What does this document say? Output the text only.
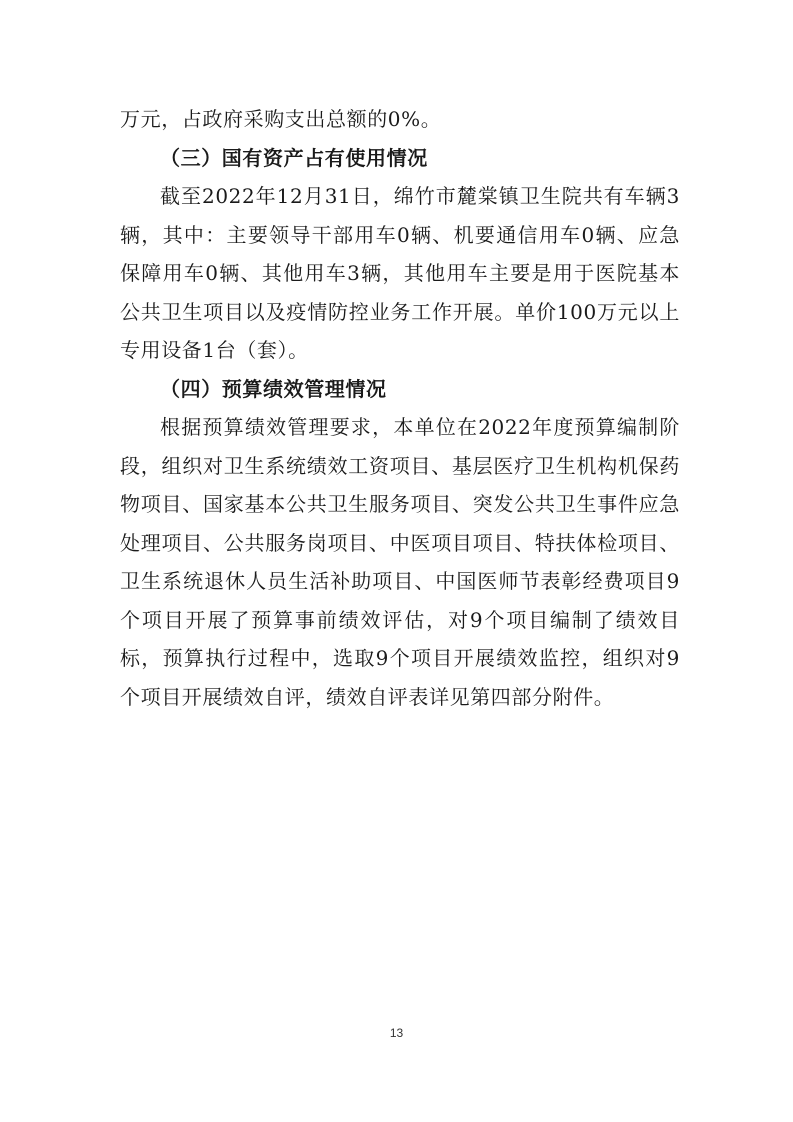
万元，占政府采购支出总额的0%。

（三）国有资产占有使用情况

截至2022年12月31日，绵竹市麓棠镇卫生院共有车辆3辆，其中：主要领导干部用车0辆、机要通信用车0辆、应急保障用车0辆、其他用车3辆，其他用车主要是用于医院基本公共卫生项目以及疫情防控业务工作开展。单价100万元以上专用设备1台（套）。

（四）预算绩效管理情况

根据预算绩效管理要求，本单位在2022年度预算编制阶段，组织对卫生系统绩效工资项目、基层医疗卫生机构机保药物项目、国家基本公共卫生服务项目、突发公共卫生事件应急处理项目、公共服务岗项目、中医项目项目、特扶体检项目、卫生系统退休人员生活补助项目、中国医师节表彰经费项目9个项目开展了预算事前绩效评估，对9个项目编制了绩效目标，预算执行过程中，选取9个项目开展绩效监控，组织对9个项目开展绩效自评，绩效自评表详见第四部分附件。

13
